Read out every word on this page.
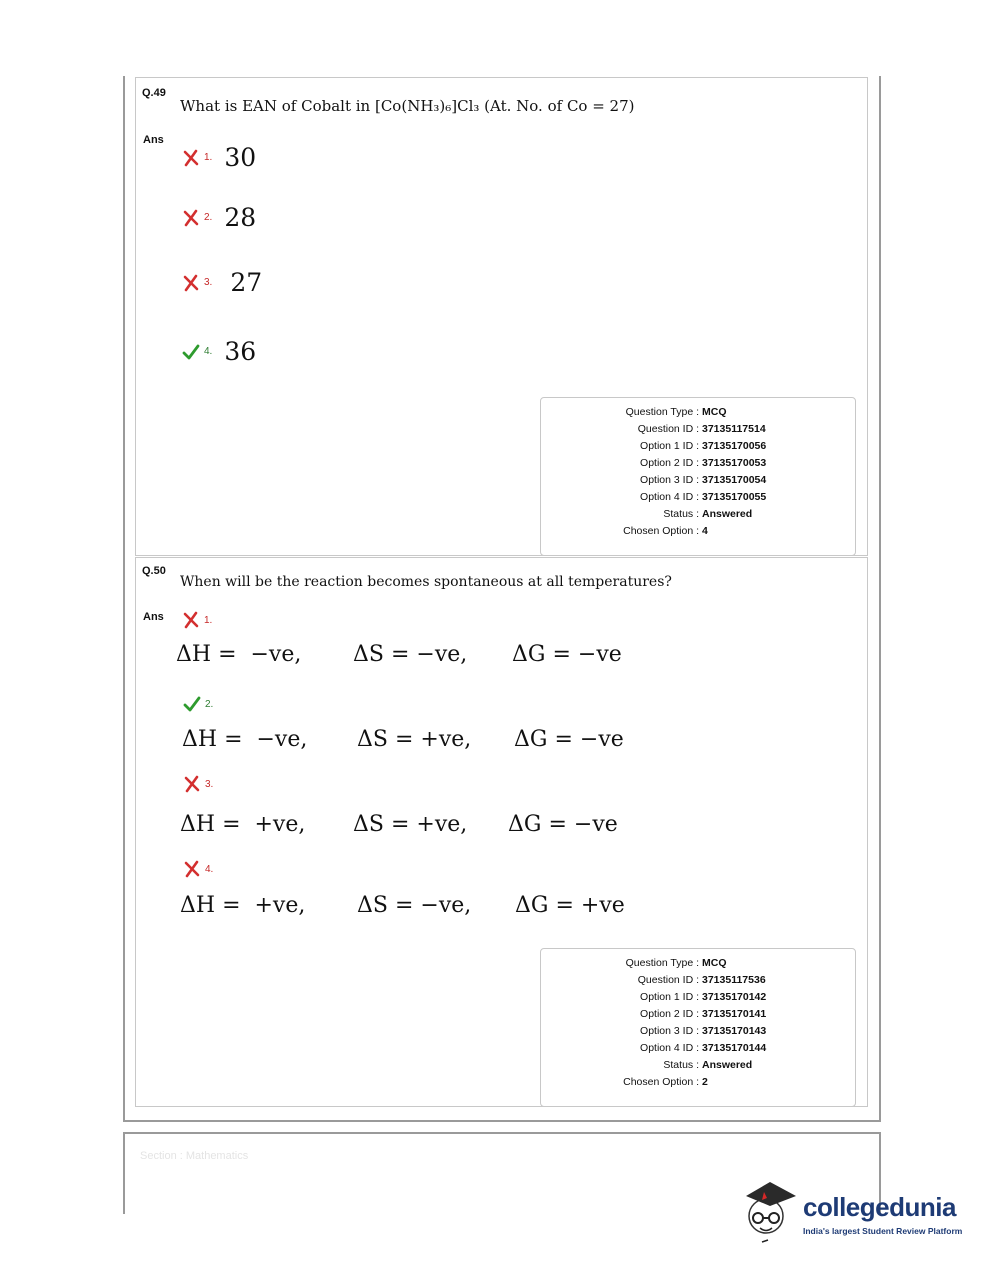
Q.49
What is EAN of Cobalt in [Co(NH₃)₆]Cl₃ (At. No. of Co = 27)
Ans
1. 30
2. 28
3. 27
4. 36
Question Type : MCQ
Question ID : 37135117514
Option 1 ID : 37135170056
Option 2 ID : 37135170053
Option 3 ID : 37135170054
Option 4 ID : 37135170055
Status : Answered
Chosen Option : 4
Q.50
When will be the reaction becomes spontaneous at all temperatures?
Ans	1.
ΔH =  −ve, ΔS = −ve, ΔG = −ve
2.
ΔH =  −ve, ΔS = +ve, ΔG = −ve
3.
ΔH =  +ve, ΔS = +ve, ΔG = −ve
4.
ΔH =  +ve, ΔS = −ve, ΔG = +ve
Question Type : MCQ
Question ID : 37135117536
Option 1 ID : 37135170142
Option 2 ID : 37135170141
Option 3 ID : 37135170143
Option 4 ID : 37135170144
Status : Answered
Chosen Option : 2
Section : Mathematics
collegedunia
India's largest Student Review Platform
